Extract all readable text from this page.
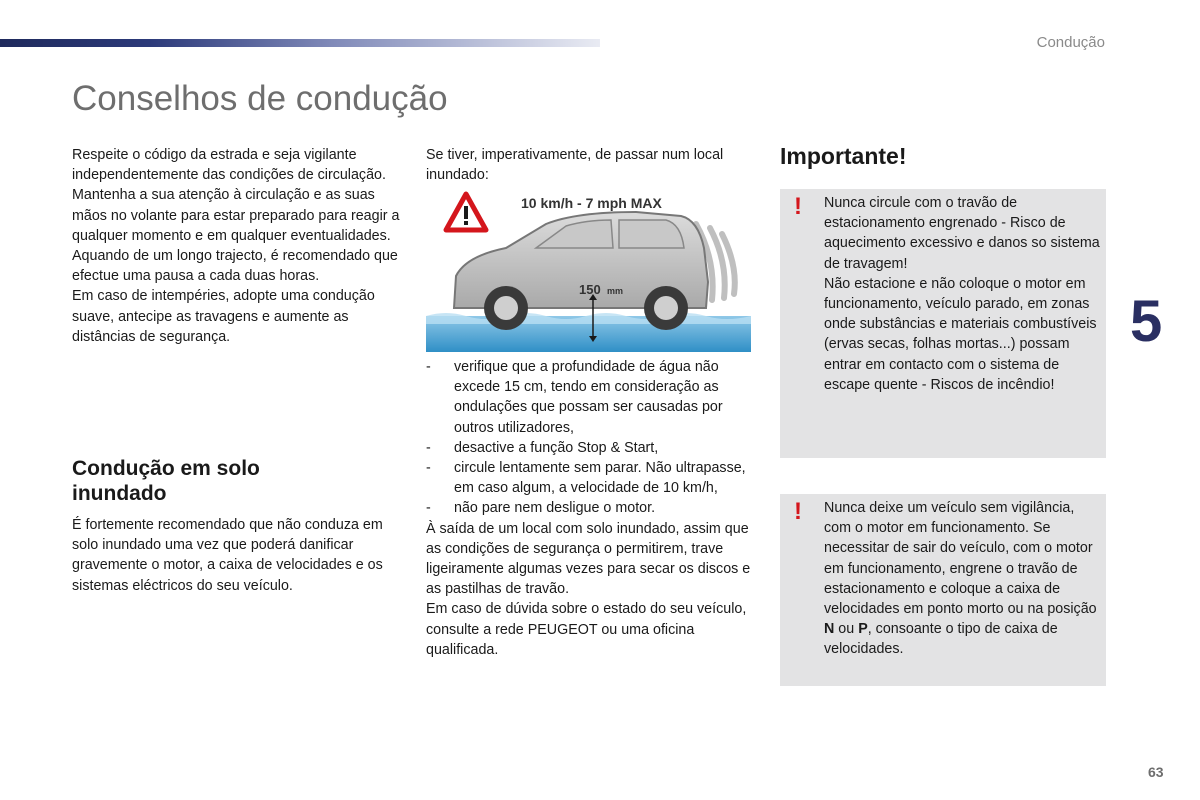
Condução
Conselhos de condução

Respeite o código da estrada e seja vigilante independentemente das condições de circulação.

Mantenha a sua atenção à circulação e as suas mãos no volante para estar preparado para reagir a qualquer momento e em qualquer eventualidades.

Aquando de um longo trajecto, é recomendado que efectue uma pausa a cada duas horas.

Em caso de intempéries, adopte uma condução suave, antecipe as travagens e aumente as distâncias de segurança.

Condução em solo inundado
É fortemente recomendado que não conduza em solo inundado uma vez que poderá danificar gravemente o motor, a caixa de velocidades e os sistemas eléctricos do seu veículo.

Se tiver, imperativamente, de passar num local inundado:

10 km/h - 7 mph MAX
150 mm
- verifique que a profundidade de água não excede 15 cm, tendo em consideração as ondulações que possam ser causadas por outros utilizadores,
- desactive a função Stop & Start,
- circule lentamente sem parar. Não ultrapasse, em caso algum, a velocidade de 10 km/h,
- não pare nem desligue o motor.

À saída de um local com solo inundado, assim que as condições de segurança o permitirem, trave ligeiramente algumas vezes para secar os discos e as pastilhas de travão.

Em caso de dúvida sobre o estado do seu veículo, consulte a rede PEUGEOT ou uma oficina qualificada.

Importante!
! Nunca circule com o travão de estacionamento engrenado - Risco de aquecimento excessivo e danos so sistema de travagem!

Não estacione e não coloque o motor em funcionamento, veículo parado, em zonas onde substâncias e materiais combustíveis (ervas secas, folhas mortas...) possam entrar em contacto com o sistema de escape quente - Riscos de incêndio!

! Nunca deixe um veículo sem vigilância, com o motor em funcionamento. Se necessitar de sair do veículo, com o motor em funcionamento, engrene o travão de estacionamento e coloque a caixa de velocidades em ponto morto ou na posição N ou P, consoante o tipo de caixa de velocidades.

5
63
